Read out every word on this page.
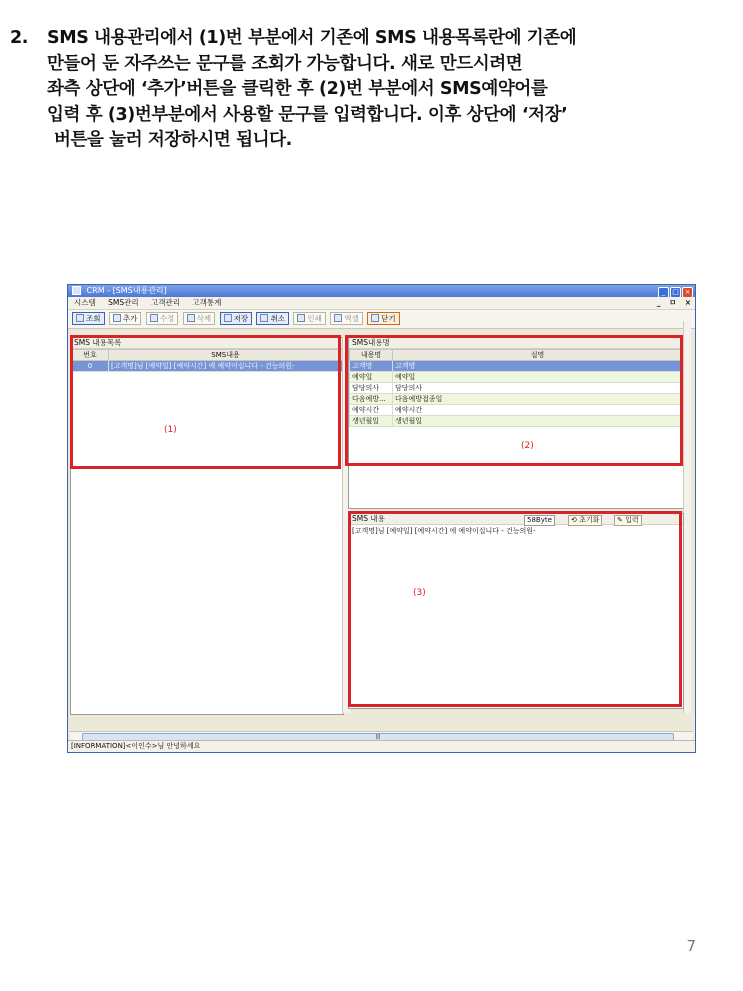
2.	SMS 내용관리에서 (1)번 부분에서 기존에 SMS 내용목록란에 기존에
만들어 둔 자주쓰는 문구를 조회가 가능합니다. 새로 만드시려면
좌측 상단에 ‘추가’버튼을 클릭한 후 (2)번 부분에서 SMS예약어를
입력 후 (3)번부분에서 사용할 문구를 입력합니다. 이후 상단에 ‘저장’
버튼을 눌러 저장하시면 됩니다.
CRM - [SMS내용관리]	_ □ ×
시스템 SMS관리 고객관리 고객통계	_ ㅁ ×
조회	추가	수정	삭제	저장	취소	인쇄	엑셀	닫기
SMS 내용목록
번호	SMS내용
0	[고객명]님 [예약일] [예약시간] 에 예약이십니다 - 건능의원-
(1)
SMS내용명
내용명	설명
고객명	고객명
예약일	예약일
담당의사	담당의사
다음예방...	다음예방접종일
예약시간	예약시간
생년월일	생년월일
(2)
SMS 내용
[고객명]님 [예약일] [예약시간] 에 예약이십니다 - 건능의원-
58Byte	⟲ 초기화	✎ 입력
(3)
|||
[INFORMATION]<이인수>님 안녕하세요
7
